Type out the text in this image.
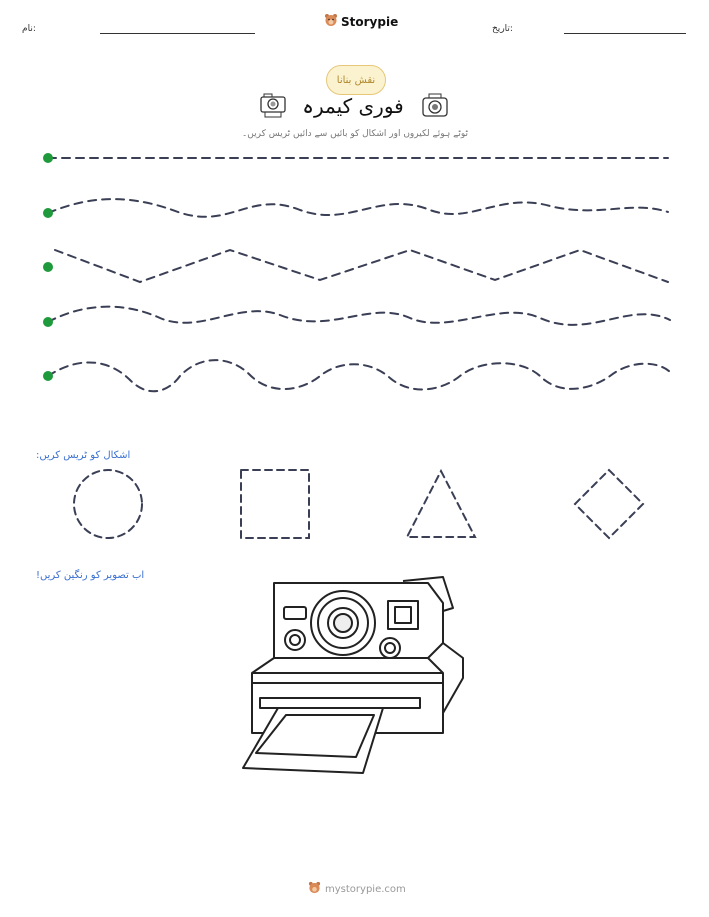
نام:
Storypie
تاریخ:
نقش بنانا
فوری کیمرہ
ٹوٹے ہوئے لکیروں اور اشکال کو بائیں سے دائیں ٹریس کریں۔
اشکال کو ٹریس کریں:
اب تصویر کو رنگین کریں!
mystorypie.com
